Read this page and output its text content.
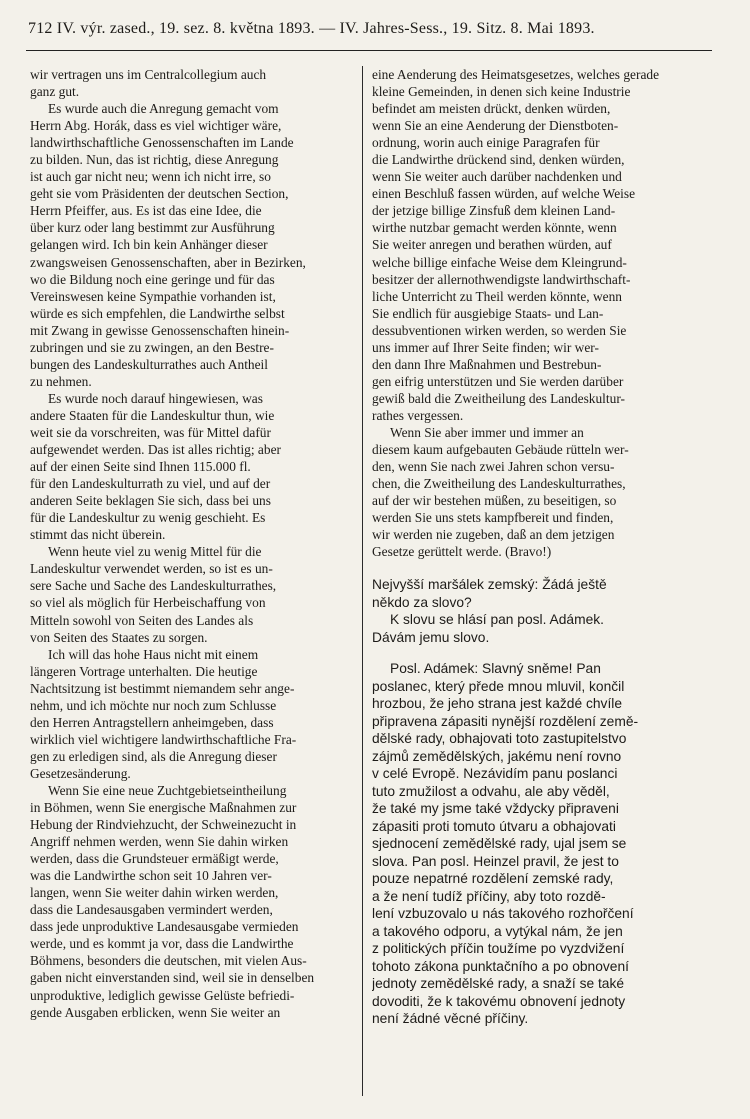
712 IV. výr. zased., 19. sez. 8. května 1893. — IV. Jahres-Sess., 19. Sitz. 8. Mai 1893.
wir vertragen uns im Centralcollegium auch
ganz gut.
Es wurde auch die Anregung gemacht vom
Herrn Abg. Horák, dass es viel wichtiger wäre,
landwirthschaftliche Genossenschaften im Lande
zu bilden. Nun, das ist richtig, diese Anregung
ist auch gar nicht neu; wenn ich nicht irre, so
geht sie vom Präsidenten der deutschen Section,
Herrn Pfeiffer, aus. Es ist das eine Idee, die
über kurz oder lang bestimmt zur Ausführung
gelangen wird. Ich bin kein Anhänger dieser
zwangsweisen Genossenschaften, aber in Bezirken,
wo die Bildung noch eine geringe und für das
Vereinswesen keine Sympathie vorhanden ist,
würde es sich empfehlen, die Landwirthe selbst
mit Zwang in gewisse Genossenschaften hinein-
zubringen und sie zu zwingen, an den Bestre-
bungen des Landeskulturrathes auch Antheil
zu nehmen.
Es wurde noch darauf hingewiesen, was
andere Staaten für die Landeskultur thun, wie
weit sie da vorschreiten, was für Mittel dafür
aufgewendet werden. Das ist alles richtig; aber
auf der einen Seite sind Ihnen 115.000 fl.
für den Landeskulturrath zu viel, und auf der
anderen Seite beklagen Sie sich, dass bei uns
für die Landeskultur zu wenig geschieht. Es
stimmt das nicht überein.
Wenn heute viel zu wenig Mittel für die
Landeskultur verwendet werden, so ist es un-
sere Sache und Sache des Landeskulturrathes,
so viel als möglich für Herbeischaffung von
Mitteln sowohl von Seiten des Landes als
von Seiten des Staates zu sorgen.
Ich will das hohe Haus nicht mit einem
längeren Vortrage unterhalten. Die heutige
Nachtsitzung ist bestimmt niemandem sehr ange-
nehm, und ich möchte nur noch zum Schlusse
den Herren Antragstellern anheimgeben, dass
wirklich viel wichtigere landwirthschaftliche Fra-
gen zu erledigen sind, als die Anregung dieser
Gesetzesänderung.
Wenn Sie eine neue Zuchtgebietseintheilung
in Böhmen, wenn Sie energische Maßnahmen zur
Hebung der Rindviehzucht, der Schweinezucht in
Angriff nehmen werden, wenn Sie dahin wirken
werden, dass die Grundsteuer ermäßigt werde,
was die Landwirthe schon seit 10 Jahren ver-
langen, wenn Sie weiter dahin wirken werden,
dass die Landesausgaben vermindert werden,
dass jede unproduktive Landesausgabe vermieden
werde, und es kommt ja vor, dass die Landwirthe
Böhmens, besonders die deutschen, mit vielen Aus-
gaben nicht einverstanden sind, weil sie in denselben
unproduktive, lediglich gewisse Gelüste befriedi-
gende Ausgaben erblicken, wenn Sie weiter an
eine Aenderung des Heimatsgesetzes, welches gerade
kleine Gemeinden, in denen sich keine Industrie
befindet am meisten drückt, denken würden,
wenn Sie an eine Aenderung der Dienstboten-
ordnung, worin auch einige Paragrafen für
die Landwirthe drückend sind, denken würden,
wenn Sie weiter auch darüber nachdenken und
einen Beschluß fassen würden, auf welche Weise
der jetzige billige Zinsfuß dem kleinen Land-
wirthe nutzbar gemacht werden könnte, wenn
Sie weiter anregen und berathen würden, auf
welche billige einfache Weise dem Kleingrund-
besitzer der allernothwendigste landwirthschaft-
liche Unterricht zu Theil werden könnte, wenn
Sie endlich für ausgiebige Staats- und Lan-
dessubventionen wirken werden, so werden Sie
uns immer auf Ihrer Seite finden; wir wer-
den dann Ihre Maßnahmen und Bestrebun-
gen eifrig unterstützen und Sie werden darüber
gewiß bald die Zweitheilung des Landeskultur-
rathes vergessen.
Wenn Sie aber immer und immer an
diesem kaum aufgebauten Gebäude rütteln wer-
den, wenn Sie nach zwei Jahren schon versu-
chen, die Zweitheilung des Landeskulturrathes,
auf der wir bestehen müßen, zu beseitigen, so
werden Sie uns stets kampfbereit und finden,
wir werden nie zugeben, daß an dem jetzigen
Gesetze gerüttelt werde. (Bravo!)
Nejvyšší maršálek zemský: Žádá ještě
někdo za slovo?
K slovu se hlásí pan posl. Adámek.
Dávám jemu slovo.
Posl. Adámek: Slavný sněme! Pan
poslanec, který přede mnou mluvil, končil
hrozbou, že jeho strana jest každé chvíle
připravena zápasiti nynější rozdělení země-
dělské rady, obhajovati toto zastupitelstvo
zájmů zemědělských, jakému není rovno
v celé Evropě. Nezávidím panu poslanci
tuto zmužilost a odvahu, ale aby věděl,
že také my jsme také vždycky připraveni
zápasiti proti tomuto útvaru a obhajovati
sjednocení zemědělské rady, ujal jsem se
slova. Pan posl. Heinzel pravil, že jest to
pouze nepatrné rozdělení zemské rady,
a že není tudíž příčiny, aby toto rozdě-
lení vzbuzovalo u nás takového rozhořčení
a takového odporu, a vytýkal nám, že jen
z politických příčin toužíme po vyzdvižení
tohoto zákona punktačního a po obnovení
jednoty zemědělské rady, a snaží se také
dovoditi, že k takovému obnovení jednoty
není žádné věcné příčiny.
